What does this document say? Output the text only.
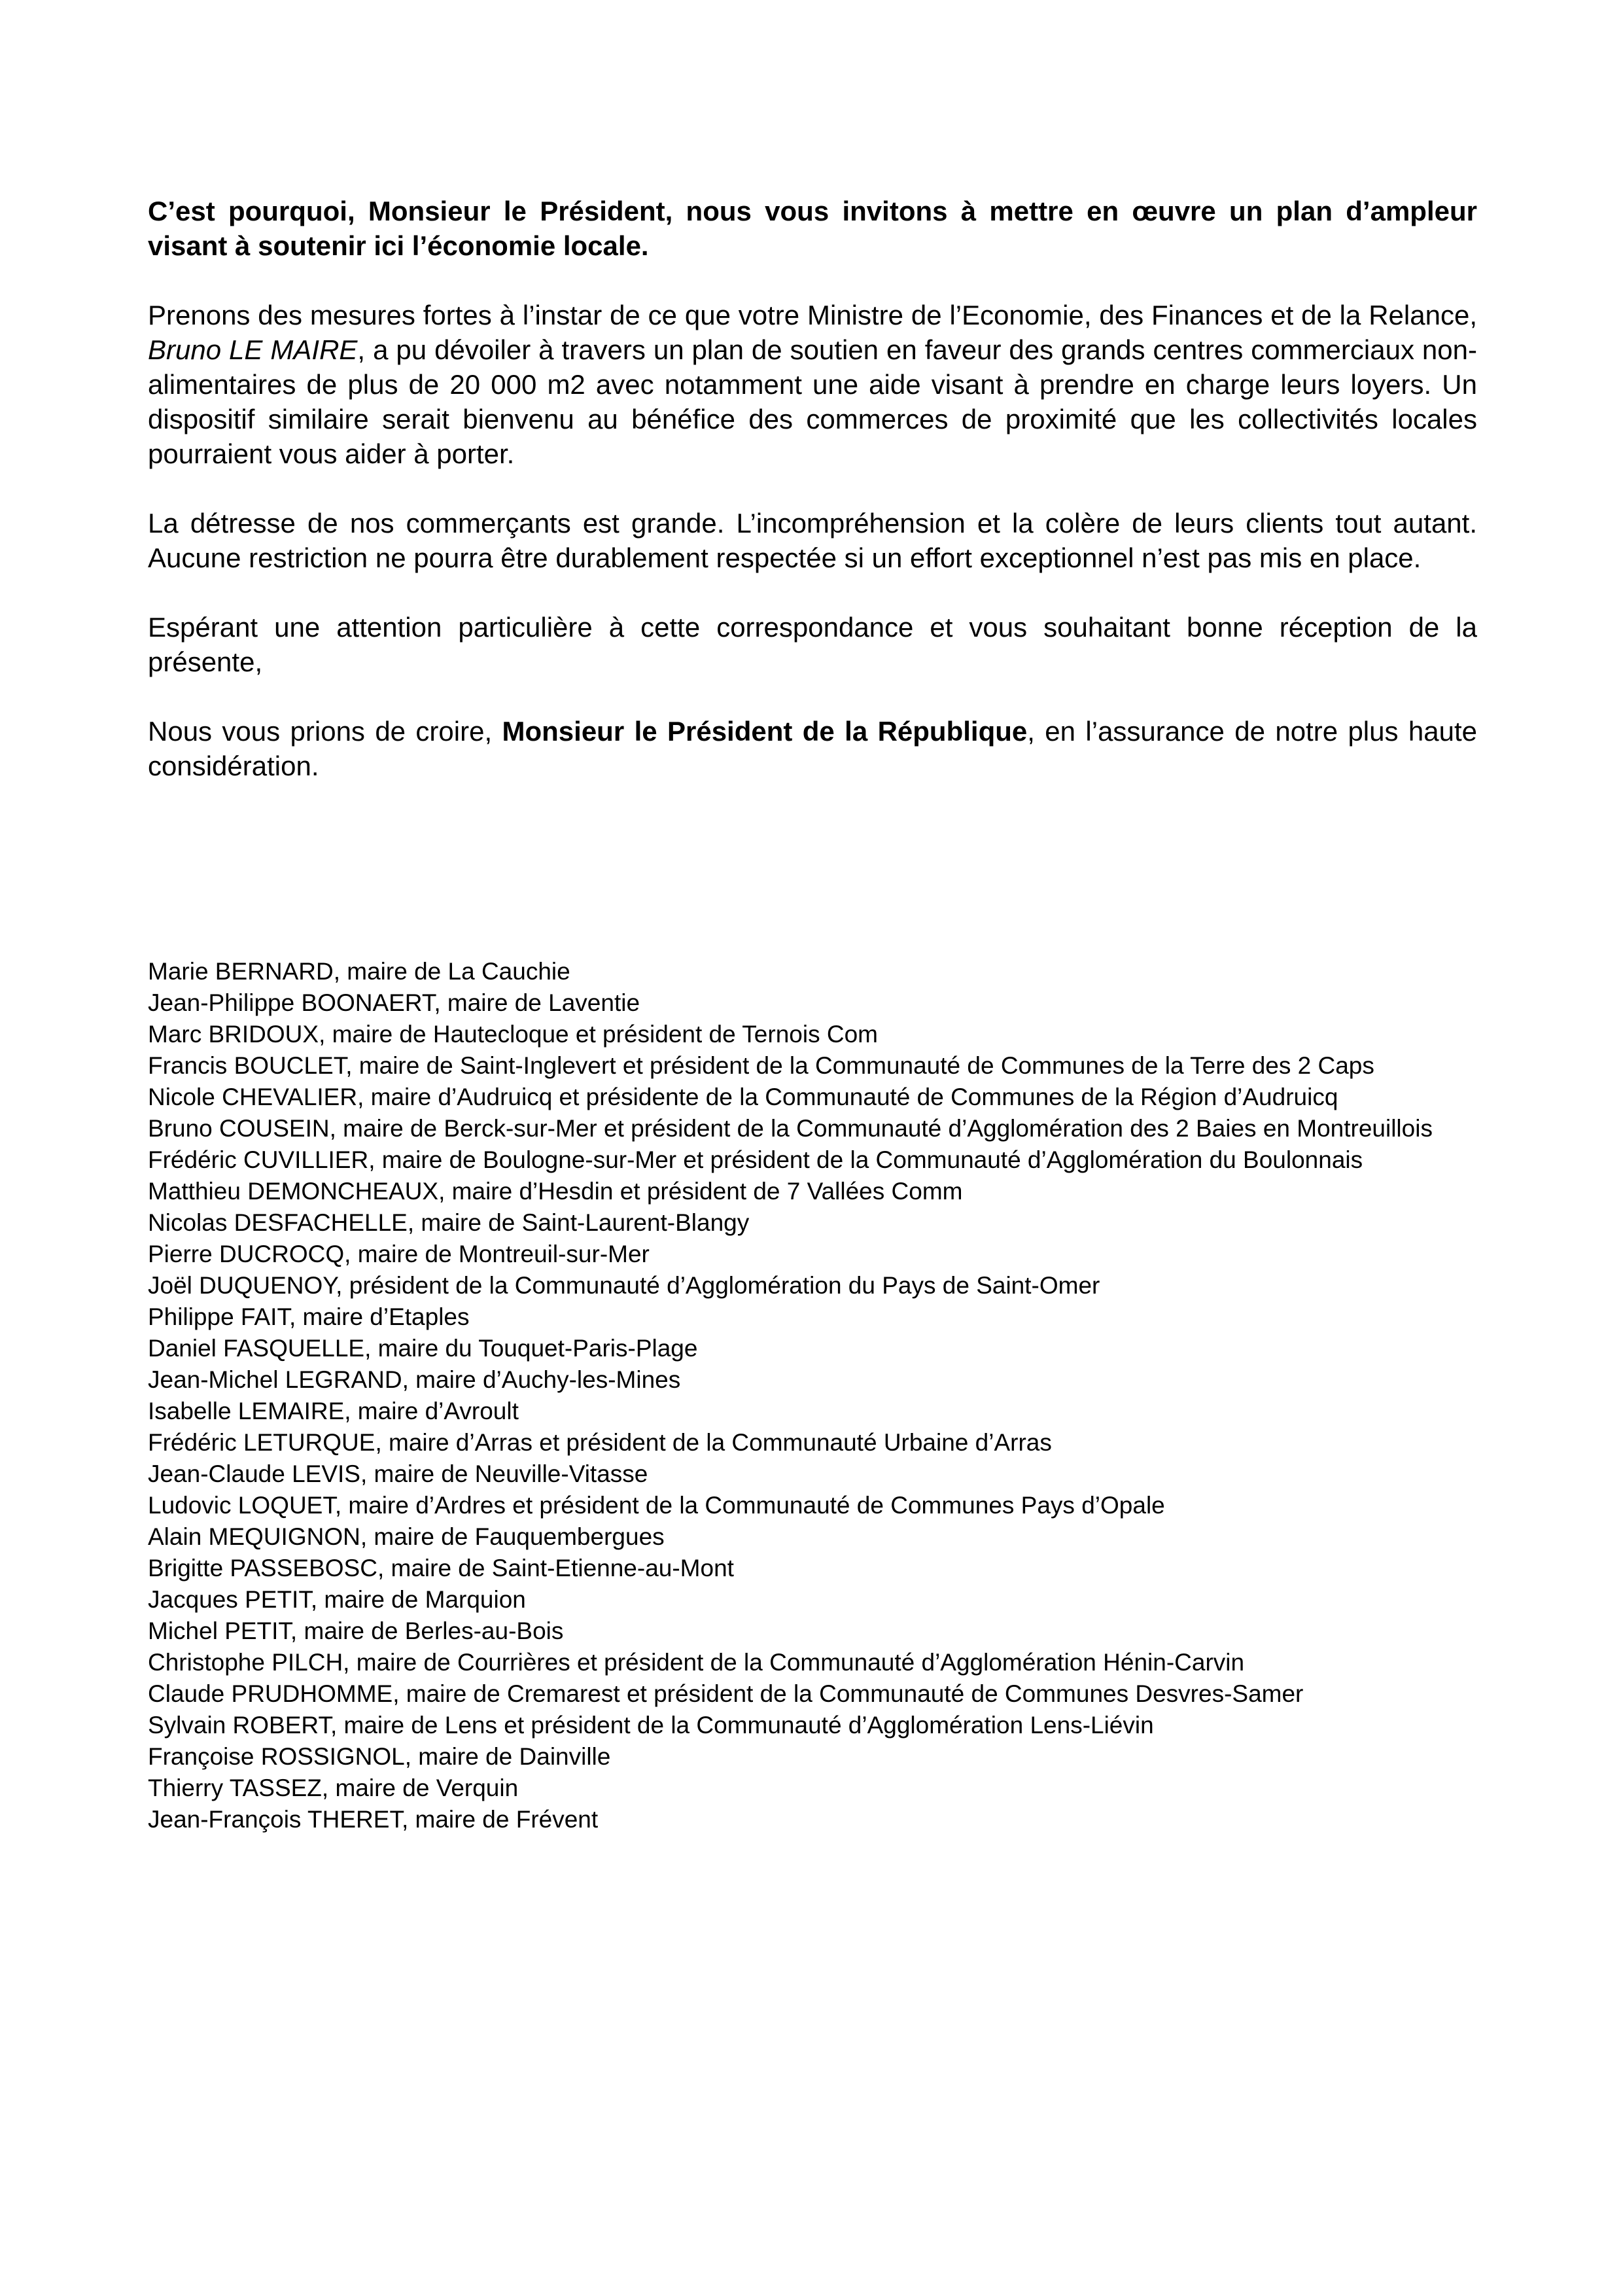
C’est pourquoi, Monsieur le Président, nous vous invitons à mettre en œuvre un plan d’ampleur visant à soutenir ici l’économie locale.

Prenons des mesures fortes à l’instar de ce que votre Ministre de l’Economie, des Finances et de la Relance, Bruno LE MAIRE, a pu dévoiler à travers un plan de soutien en faveur des grands centres commerciaux non-alimentaires de plus de 20 000 m2 avec notamment une aide visant à prendre en charge leurs loyers. Un dispositif similaire serait bienvenu au bénéfice des commerces de proximité que les collectivités locales pourraient vous aider à porter.

La détresse de nos commerçants est grande. L’incompréhension et la colère de leurs clients tout autant. Aucune restriction ne pourra être durablement respectée si un effort exceptionnel n’est pas mis en place.

Espérant une attention particulière à cette correspondance et vous souhaitant bonne réception de la présente,

Nous vous prions de croire, Monsieur le Président de la République, en l’assurance de notre plus haute considération.

Marie BERNARD, maire de La Cauchie
Jean-Philippe BOONAERT, maire de Laventie
Marc BRIDOUX, maire de Hautecloque et président de Ternois Com
Francis BOUCLET, maire de Saint-Inglevert et président de la Communauté de Communes de la Terre des 2 Caps
Nicole CHEVALIER, maire d’Audruicq et présidente de la Communauté de Communes de la Région d’Audruicq
Bruno COUSEIN, maire de Berck-sur-Mer et président de la Communauté d’Agglomération des 2 Baies en Montreuillois
Frédéric CUVILLIER, maire de Boulogne-sur-Mer et président de la Communauté d’Agglomération du Boulonnais
Matthieu DEMONCHEAUX, maire d’Hesdin et président de 7 Vallées Comm
Nicolas DESFACHELLE, maire de Saint-Laurent-Blangy
Pierre DUCROCQ, maire de Montreuil-sur-Mer
Joël DUQUENOY, président de la Communauté d’Agglomération du Pays de Saint-Omer
Philippe FAIT, maire d’Etaples
Daniel FASQUELLE, maire du Touquet-Paris-Plage
Jean-Michel LEGRAND, maire d’Auchy-les-Mines
Isabelle LEMAIRE, maire d’Avroult
Frédéric LETURQUE, maire d’Arras et président de la Communauté Urbaine d’Arras
Jean-Claude LEVIS, maire de Neuville-Vitasse
Ludovic LOQUET, maire d’Ardres et président de la Communauté de Communes Pays d’Opale
Alain MEQUIGNON, maire de Fauquembergues
Brigitte PASSEBOSC, maire de Saint-Etienne-au-Mont
Jacques PETIT, maire de Marquion
Michel PETIT, maire de Berles-au-Bois
Christophe PILCH, maire de Courrières et président de la Communauté d’Agglomération Hénin-Carvin
Claude PRUDHOMME, maire de Cremarest et président de la Communauté de Communes Desvres-Samer
Sylvain ROBERT, maire de Lens et président de la Communauté d’Agglomération Lens-Liévin
Françoise ROSSIGNOL, maire de Dainville
Thierry TASSEZ, maire de Verquin
Jean-François THERET, maire de Frévent
